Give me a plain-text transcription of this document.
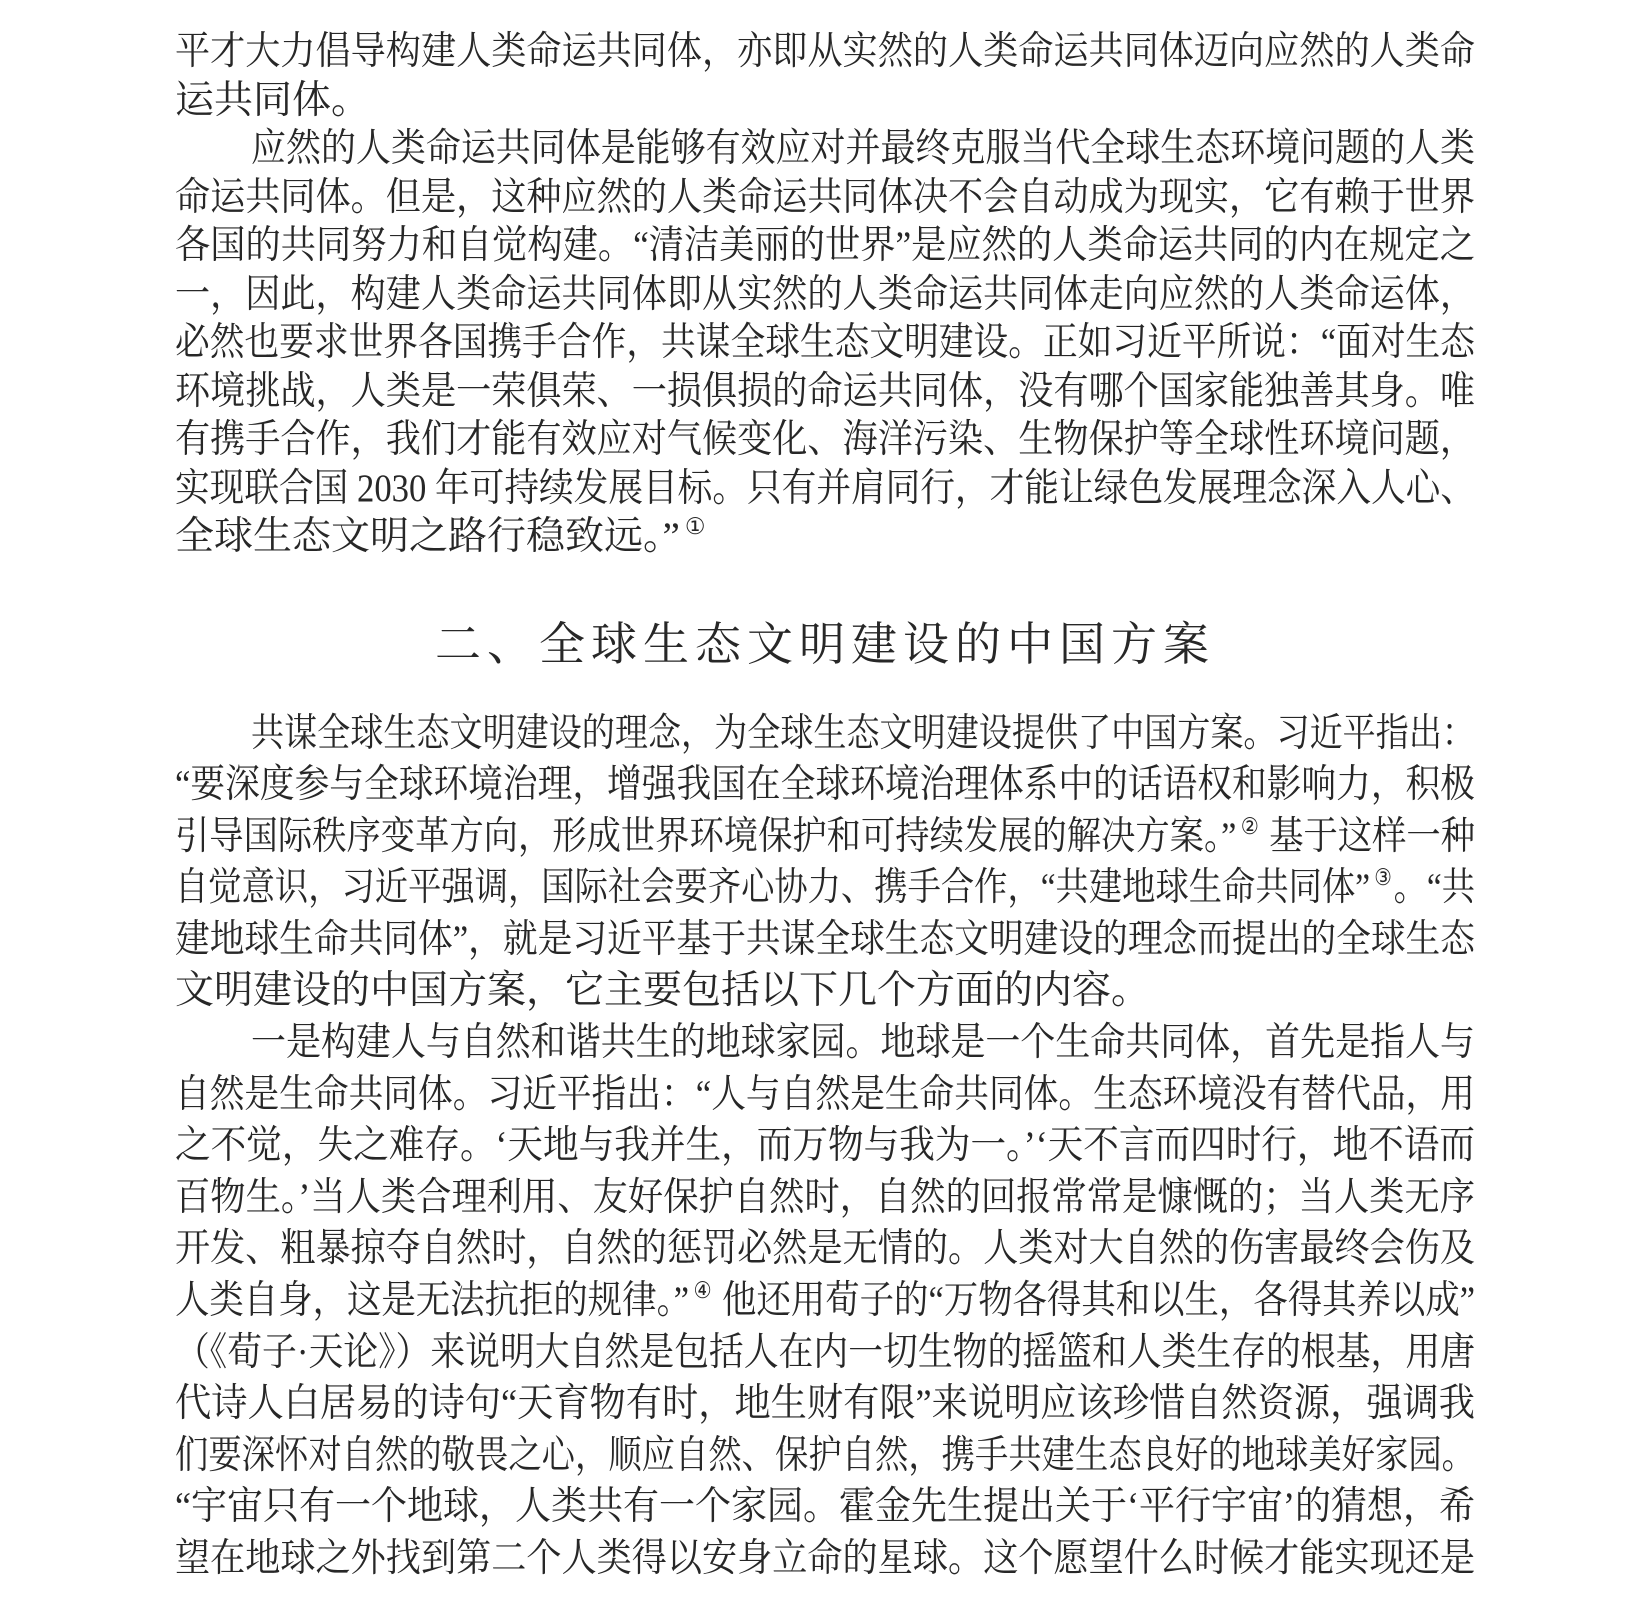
平才大力倡导构建人类命运共同体，亦即从实然的人类命运共同体迈向应然的人类命
运共同体。
应然的人类命运共同体是能够有效应对并最终克服当代全球生态环境问题的人类
命运共同体。但是，这种应然的人类命运共同体决不会自动成为现实，它有赖于世界
各国的共同努力和自觉构建。“清洁美丽的世界”是应然的人类命运共同的内在规定之
一，因此，构建人类命运共同体即从实然的人类命运共同体走向应然的人类命运体，
必然也要求世界各国携手合作，共谋全球生态文明建设。正如习近平所说：“面对生态
环境挑战，人类是一荣俱荣、一损俱损的命运共同体，没有哪个国家能独善其身。唯
有携手合作，我们才能有效应对气候变化、海洋污染、生物保护等全球性环境问题，
实现联合国 2030 年可持续发展目标。只有并肩同行，才能让绿色发展理念深入人心、
全球生态文明之路行稳致远。” ①
二、全球生态文明建设的中国方案
共谋全球生态文明建设的理念，为全球生态文明建设提供了中国方案。习近平指出：
“要深度参与全球环境治理，增强我国在全球环境治理体系中的话语权和影响力，积极
引导国际秩序变革方向，形成世界环境保护和可持续发展的解决方案。” ② 基于这样一种
自觉意识，习近平强调，国际社会要齐心协力、携手合作，“共建地球生命共同体” ③。“共
建地球生命共同体”，就是习近平基于共谋全球生态文明建设的理念而提出的全球生态
文明建设的中国方案，它主要包括以下几个方面的内容。
一是构建人与自然和谐共生的地球家园。地球是一个生命共同体，首先是指人与
自然是生命共同体。习近平指出：“人与自然是生命共同体。生态环境没有替代品，用
之不觉，失之难存。‘天地与我并生，而万物与我为一。’‘天不言而四时行，地不语而
百物生。’当人类合理利用、友好保护自然时，自然的回报常常是慷慨的；当人类无序
开发、粗暴掠夺自然时，自然的惩罚必然是无情的。人类对大自然的伤害最终会伤及
人类自身，这是无法抗拒的规律。” ④ 他还用荀子的“万物各得其和以生，各得其养以成”
（《荀子·天论》）来说明大自然是包括人在内一切生物的摇篮和人类生存的根基，用唐
代诗人白居易的诗句“天育物有时，地生财有限”来说明应该珍惜自然资源，强调我
们要深怀对自然的敬畏之心，顺应自然、保护自然，携手共建生态良好的地球美好家园。
“宇宙只有一个地球，人类共有一个家园。霍金先生提出关于‘平行宇宙’的猜想，希
望在地球之外找到第二个人类得以安身立命的星球。这个愿望什么时候才能实现还是
